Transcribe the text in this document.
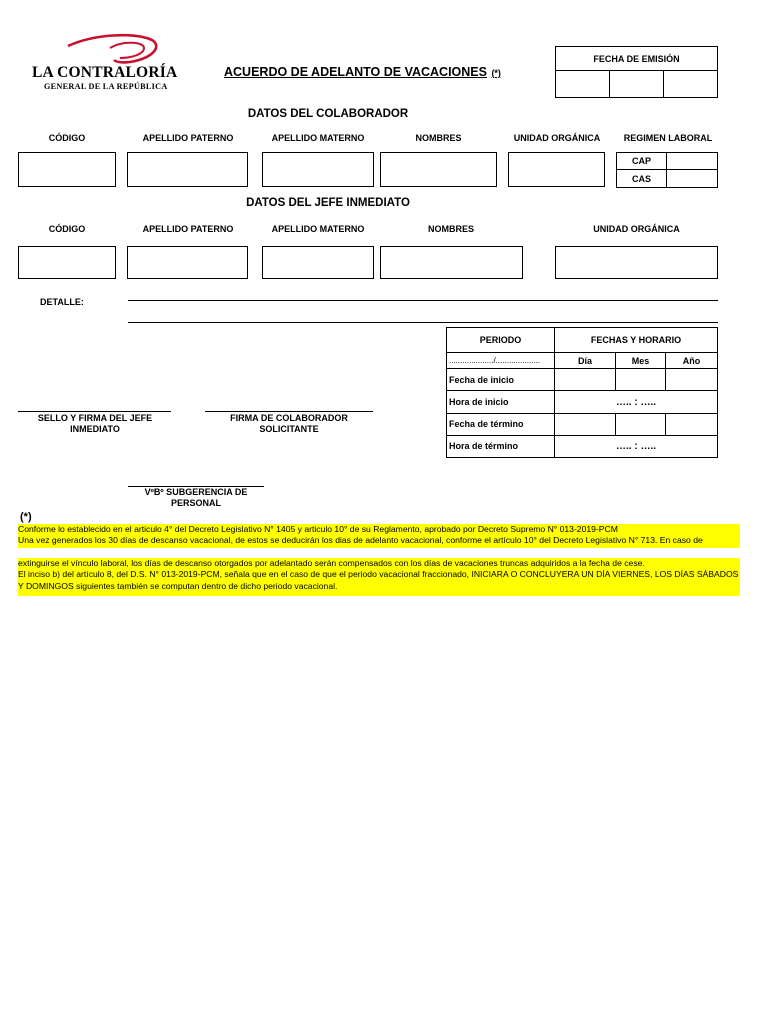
LA CONTRALORÍA
GENERAL DE LA REPÚBLICA
ACUERDO DE ADELANTO DE VACACIONES (*)
FECHA DE EMISIÓN

DATOS DEL COLABORADOR
CÓDIGO	APELLIDO PATERNO	APELLIDO MATERNO	NOMBRES	UNIDAD ORGÁNICA	REGIMEN LABORAL
CAP	
CAS	
DATOS DEL JEFE INMEDIATO
CÓDIGO	APELLIDO PATERNO	APELLIDO MATERNO	NOMBRES	UNIDAD ORGÁNICA
DETALLE:
PERIODO	FECHAS Y HORARIO		
..................../....................	Día	Mes	Año
Fecha de inicio			
Hora de inicio	….. : …..		
Fecha de término			
Hora de término	….. : …..		
SELLO Y FIRMA DEL JEFE INMEDIATO
FIRMA DE COLABORADOR SOLICITANTE
VºBº SUBGERENCIA DE PERSONAL
(*)

Conforme lo establecido en el articulo 4° del Decreto Legislativo N° 1405 y articulo 10° de su Reglamento, aprobado por Decreto Supremo N° 013-2019-PCM

Una vez generados los 30 días de descanso vacacional, de estos se deducirán los dias de adelanto vacacional, conforme el artículo 10° del Decreto Legislativo N° 713. En caso de

extinguirse el vínculo laboral, los días de descanso otorgados por adelantado serán compensados con los días de vacaciones truncas adquiridos a la fecha de cese.

El inciso b) del artículo 8, del D.S. N° 013-2019-PCM, señala que en el caso de que el periodo vacacional fraccionado, INICIARA O CONCLUYERA UN DÍA VIERNES, LOS DÍAS SÁBADOS Y DOMINGOS siguientes también se computan dentro de dicho periodo vacacional.
